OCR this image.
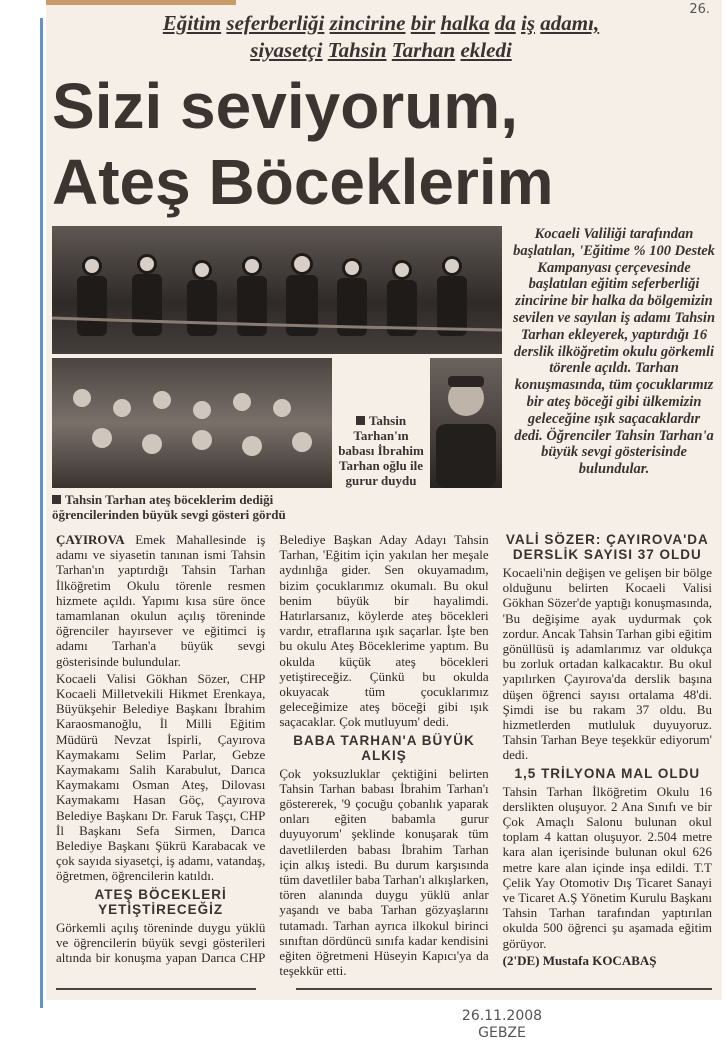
26.
Eğitim seferberliği zincirine bir halka da iş adamı,
siyasetçi Tahsin Tarhan ekledi
Sizi seviyorum,
Ateş Böceklerim
Tahsin Tarhan'ın babası İbrahim Tarhan oğlu ile gurur duydu
Tahsin Tarhan ateş böceklerim dediği öğrencilerinden büyük sevgi gösteri gördü
Kocaeli Valiliği tarafından başlatılan, 'Eğitime % 100 Destek Kampanyası çerçevesinde başlatılan eğitim seferberliği zincirine bir halka da bölgemizin sevilen ve sayılan iş adamı Tahsin Tarhan ekleyerek, yaptırdığı 16 derslik ilköğretim okulu görkemli törenle açıldı. Tarhan konuşmasında, tüm çocuklarımız bir ateş böceği gibi ülkemizin geleceğine ışık saçacaklardır dedi. Öğrenciler Tahsin Tarhan'a büyük sevgi gösterisinde bulundular.

ÇAYIROVA Emek Mahallesinde iş adamı ve siyasetin tanınan ismi Tahsin Tarhan'ın yaptırdığı Tahsin Tarhan İlköğretim Okulu törenle resmen hizmete açıldı. Yapımı kısa süre önce tamamlanan okulun açılış töreninde öğrenciler hayırsever ve eğitimci iş adamı Tarhan'a büyük sevgi gösterisinde bulundular.

Kocaeli Valisi Gökhan Sözer, CHP Kocaeli Milletvekili Hikmet Erenkaya, Büyükşehir Belediye Başkanı İbrahim Karaosmanoğlu, İl Milli Eğitim Müdürü Nevzat İspirli, Çayırova Kaymakamı Selim Parlar, Gebze Kaymakamı Salih Karabulut, Darıca Kaymakamı Osman Ateş, Dilovası Kaymakamı Hasan Göç, Çayırova Belediye Başkanı Dr. Faruk Taşçı, CHP İl Başkanı Sefa Sirmen, Darıca Belediye Başkanı Şükrü Karabacak ve çok sayıda siyasetçi, iş adamı, vatandaş, öğretmen, öğrencilerin katıldı.

ATEŞ BÖCEKLERİ YETİŞTİRECEĞİZ

Görkemli açılış töreninde duygu yüklü ve öğrencilerin büyük sevgi gösterileri altında bir konuşma yapan Darıca CHP Belediye Başkan Aday Adayı Tahsin Tarhan, 'Eğitim için yakılan her meşale aydınlığa gider. Sen okuyamadım, bizim çocuklarımız okumalı. Bu okul benim büyük bir hayalimdi. Hatırlarsanız, köylerde ateş böcekleri vardır, etraflarına ışık saçarlar. İşte ben bu okulu Ateş Böceklerime yaptım. Bu okulda küçük ateş böcekleri yetiştireceğiz. Çünkü bu okulda okuyacak tüm çocuklarımız geleceğimize ateş böceği gibi ışık saçacaklar. Çok mutluyum' dedi.

BABA TARHAN'A BÜYÜK ALKIŞ

Çok yoksuzluklar çektiğini belirten Tahsin Tarhan babası İbrahim Tarhan'ı göstererek, '9 çocuğu çobanlık yaparak onları eğiten babamla gurur duyuyorum' şeklinde konuşarak tüm davetlilerden babası İbrahim Tarhan için alkış istedi. Bu durum karşısında tüm davetliler baba Tarhan'ı alkışlarken, tören alanında duygu yüklü anlar yaşandı ve baba Tarhan gözyaşlarını tutamadı. Tarhan ayrıca ilkokul birinci sınıftan dördüncü sınıfa kadar kendisini eğiten öğretmeni Hüseyin Kapıcı'ya da teşekkür etti.

VALİ SÖZER: ÇAYIROVA'DA DERSLİK SAYISI 37 OLDU

Kocaeli'nin değişen ve gelişen bir bölge olduğunu belirten Kocaeli Valisi Gökhan Sözer'de yaptığı konuşmasında, 'Bu değişime ayak uydurmak çok zordur. Ancak Tahsin Tarhan gibi eğitim gönüllüsü iş adamlarımız var oldukça bu zorluk ortadan kalkacaktır. Bu okul yapılırken Çayırova'da derslik başına düşen öğrenci sayısı ortalama 48'di. Şimdi ise bu rakam 37 oldu. Bu hizmetlerden mutluluk duyuyoruz. Tahsin Tarhan Beye teşekkür ediyorum' dedi.

1,5 TRİLYONA MAL OLDU

Tahsin Tarhan İlköğretim Okulu 16 derslikten oluşuyor. 2 Ana Sınıfı ve bir Çok Amaçlı Salonu bulunan okul toplam 4 kattan oluşuyor. 2.504 metre kara alan içerisinde bulunan okul 626 metre kare alan içinde inşa edildi. T.T Çelik Yay Otomotiv Dış Ticaret Sanayi ve Ticaret A.Ş Yönetim Kurulu Başkanı Tahsin Tarhan tarafından yaptırılan okulda 500 öğrenci şu aşamada eğitim görüyor.

(2'DE) Mustafa KOCABAŞ

26.11.2008
GEBZE
